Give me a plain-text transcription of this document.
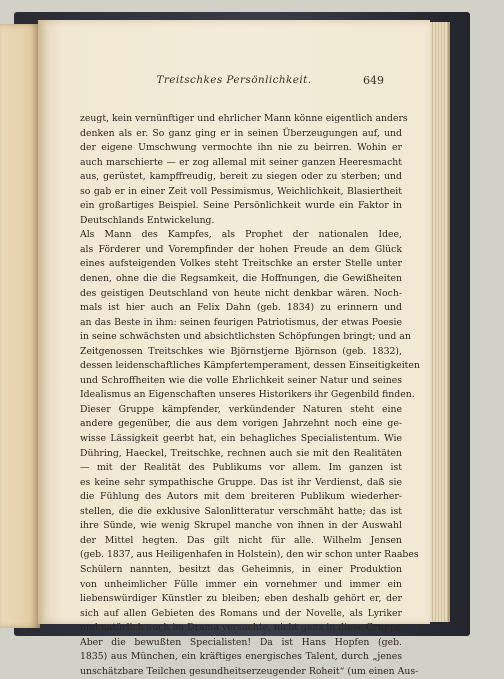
Treitschkes Persönlichkeit.	649
zeugt, kein vernünftiger und ehrlicher Mann könne eigentlich anders
denken als er. So ganz ging er in seinen Überzeugungen auf, und
der eigene Umschwung vermochte ihn nie zu beirren. Wohin er
auch marschierte — er zog allemal mit seiner ganzen Heeresmacht
aus, gerüstet, kampffreudig, bereit zu siegen oder zu sterben; und
so gab er in einer Zeit voll Pessimismus, Weichlichkeit, Blasiertheit
ein großartiges Beispiel. Seine Persönlichkeit wurde ein Faktor in
Deutschlands Entwickelung.
Als Mann des Kampfes, als Prophet der nationalen Idee,
als Förderer und Vorempfinder der hohen Freude an dem Glück
eines aufsteigenden Volkes steht Treitschke an erster Stelle unter
denen, ohne die die Regsamkeit, die Hoffnungen, die Gewißheiten
des geistigen Deutschland von heute nicht denkbar wären. Noch-
mals ist hier auch an Felix Dahn (geb. 1834) zu erinnern und
an das Beste in ihm: seinen feurigen Patriotismus, der etwas Poesie
in seine schwächsten und absichtlichsten Schöpfungen bringt; und an
Zeitgenossen Treitschkes wie Björnstjerne Björnson (geb. 1832),
dessen leidenschaftliches Kämpfertemperament, dessen Einseitigkeiten
und Schroffheiten wie die volle Ehrlichkeit seiner Natur und seines
Idealismus an Eigenschaften unseres Historikers ihr Gegenbild finden.
Dieser Gruppe kämpfender, verkündender Naturen steht eine
andere gegenüber, die aus dem vorigen Jahrzehnt noch eine ge-
wisse Lässigkeit geerbt hat, ein behagliches Specialistentum. Wie
Dühring, Haeckel, Treitschke, rechnen auch sie mit den Realitäten
— mit der Realität des Publikums vor allem. Im ganzen ist
es keine sehr sympathische Gruppe. Das ist ihr Verdienst, daß sie
die Fühlung des Autors mit dem breiteren Publikum wiederher-
stellen, die die exklusive Salonlitteratur verschmäht hatte; das ist
ihre Sünde, wie wenig Skrupel manche von ihnen in der Auswahl
der Mittel hegten. Das gilt nicht für alle. Wilhelm Jensen
(geb. 1837, aus Heiligenhafen in Holstein), den wir schon unter Raabes
Schülern nannten, besitzt das Geheimnis, in einer Produktion
von unheimlicher Fülle immer ein vornehmer und immer ein
liebenswürdiger Künstler zu bleiben; eben deshalb gehört er, der
sich auf allen Gebieten des Romans und der Novelle, als Lyriker
und natürlich auch im Drama versuchte, nicht ganz in diese Gruppe.
Aber die bewußten Specialisten! Da ist Hans Hopfen (geb.
1835) aus München, ein kräftiges energisches Talent, durch „jenes
unschätzbare Teilchen gesundheitserzeugender Roheit“ (um einen Aus-
